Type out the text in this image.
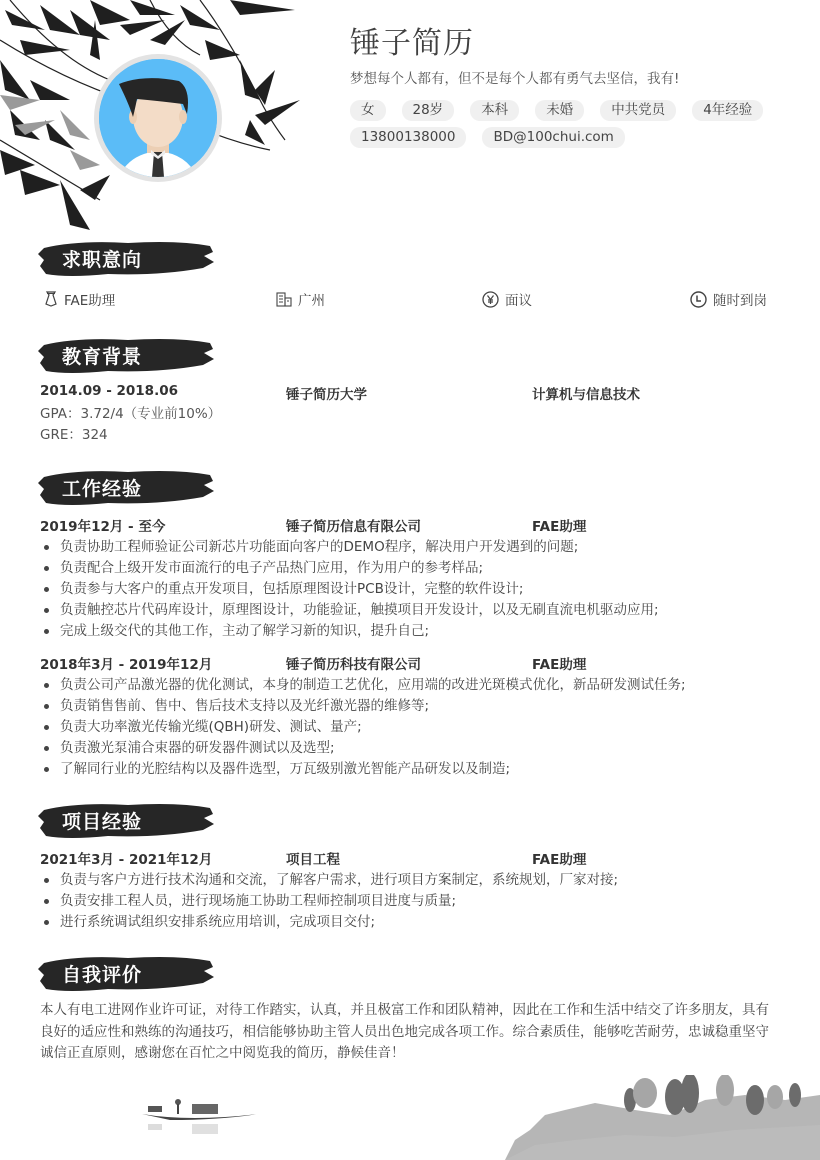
锤子简历
梦想每个人都有，但不是每个人都有勇气去坚信，我有!
女	28岁	本科	未婚	中共党员	4年经验
13800138000	BD@100chui.com
求职意向
FAE助理	广州	面议	随时到岗
教育背景
2014.09 - 2018.06	锤子简历大学	计算机与信息技术
GPA：3.72/4（专业前10%）
GRE：324
工作经验
2019年12月 - 至今	锤子简历信息有限公司	FAE助理
负责协助工程师验证公司新芯片功能面向客户的DEMO程序，解决用户开发遇到的问题;
负责配合上级开发市面流行的电子产品热门应用，作为用户的参考样品;
负责参与大客户的重点开发项目，包括原理图设计PCB设计，完整的软件设计;
负责触控芯片代码库设计，原理图设计，功能验证，触摸项目开发设计，以及无刷直流电机驱动应用;
完成上级交代的其他工作，主动了解学习新的知识，提升自己;
2018年3月 - 2019年12月	锤子简历科技有限公司	FAE助理
负责公司产品激光器的优化测试，本身的制造工艺优化，应用端的改进光斑模式优化，新品研发测试任务;
负责销售售前、售中、售后技术支持以及光纤激光器的维修等;
负责大功率激光传输光缆(QBH)研发、测试、量产;
负责激光泵浦合束器的研发器件测试以及选型;
了解同行业的光腔结构以及器件选型，万瓦级别激光智能产品研发以及制造;
项目经验
2021年3月 - 2021年12月	项目工程	FAE助理
负责与客户方进行技术沟通和交流，了解客户需求，进行项目方案制定，系统规划，厂家对接;
负责安排工程人员，进行现场施工协助工程师控制项目进度与质量;
进行系统调试组织安排系统应用培训，完成项目交付;
自我评价
本人有电工进网作业许可证，对待工作踏实，认真，并且极富工作和团队精神，因此在工作和生活中结交了许多朋友，具有良好的适应性和熟练的沟通技巧，相信能够协助主管人员出色地完成各项工作。综合素质佳，能够吃苦耐劳，忠诚稳重坚守诚信正直原则，感谢您在百忙之中阅览我的简历，静候佳音！
